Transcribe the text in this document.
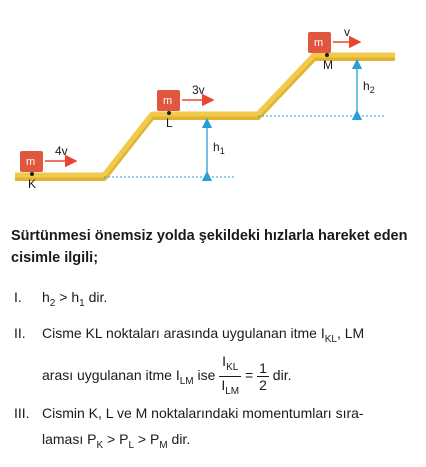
$h_1$
$h_2$
m
K
4v
m
L
3v
m
M
v

Sürtünmesi önemsiz yolda şekildeki hızlarla hareket eden cisimle ilgili;

I. $h_2 > h_1$ dir.
II. Cisme KL noktaları arasında uygulanan itme $I_{KL}$, LM
arası uygulanan itme $I_{LM}$ ise $\frac{I_{KL}}{I_{LM}} = \frac{1}{2}$ dir.
III. Cismin K, L ve M noktalarındaki momentumları sıra-
laması $P_K > P_L > P_M$ dir.
